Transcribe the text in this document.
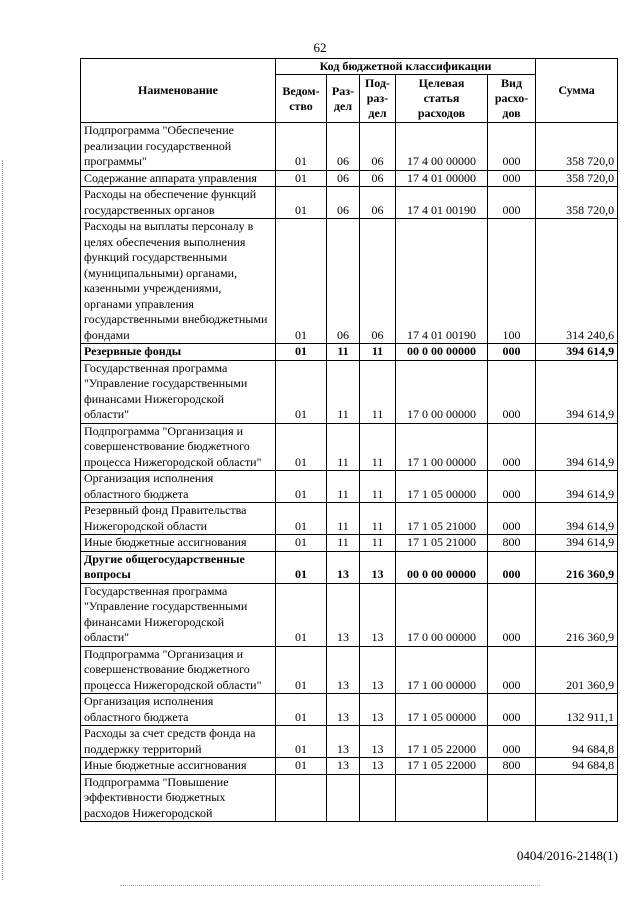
62
Наименование	Код бюджетной классификации					Сумма
	Ведом-
ство	Раз-
дел	Под-
раз-
дел	Целевая
статья
расходов	Вид
расхо-
дов	
Подпрограмма "Обеспечение реализации государственной программы"	01	06	06	17 4 00 00000	000	358 720,0
Содержание аппарата управления	01	06	06	17 4 01 00000	000	358 720,0
Расходы на обеспечение функций государственных органов	01	06	06	17 4 01 00190	000	358 720,0
Расходы на выплаты персоналу в целях обеспечения выполнения функций государственными (муниципальными) органами, казенными учреждениями, органами управления государственными внебюджетными фондами	01	06	06	17 4 01 00190	100	314 240,6
Резервные фонды	01	11	11	00 0 00 00000	000	394 614,9
Государственная программа "Управление государственными финансами Нижегородской области"	01	11	11	17 0 00 00000	000	394 614,9
Подпрограмма "Организация и совершенствование бюджетного процесса Нижегородской области"	01	11	11	17 1 00 00000	000	394 614,9
Организация исполнения областного бюджета	01	11	11	17 1 05 00000	000	394 614,9
Резервный фонд Правительства Нижегородской области	01	11	11	17 1 05 21000	000	394 614,9
Иные бюджетные ассигнования	01	11	11	17 1 05 21000	800	394 614,9
Другие общегосударственные вопросы	01	13	13	00 0 00 00000	000	216 360,9
Государственная программа "Управление государственными финансами Нижегородской области"	01	13	13	17 0 00 00000	000	216 360,9
Подпрограмма "Организация и совершенствование бюджетного процесса Нижегородской области"	01	13	13	17 1 00 00000	000	201 360,9
Организация исполнения областного бюджета	01	13	13	17 1 05 00000	000	132 911,1
Расходы за счет средств фонда на поддержку территорий	01	13	13	17 1 05 22000	000	94 684,8
Иные бюджетные ассигнования	01	13	13	17 1 05 22000	800	94 684,8
Подпрограмма "Повышение эффективности бюджетных расходов Нижегородской						
0404/2016-2148(1)
